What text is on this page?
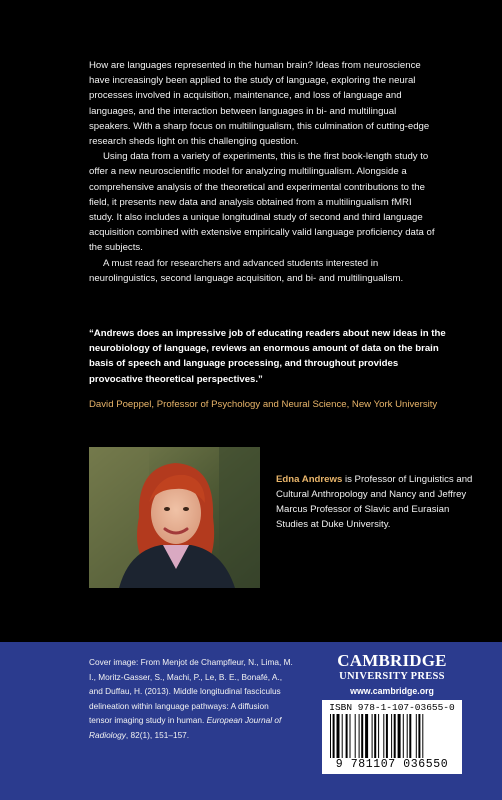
How are languages represented in the human brain? Ideas from neuroscience have increasingly been applied to the study of language, exploring the neural processes involved in acquisition, maintenance, and loss of language and languages, and the interaction between languages in bi- and multilingual speakers. With a sharp focus on multilingualism, this culmination of cutting-edge research sheds light on this challenging question.

Using data from a variety of experiments, this is the first book-length study to offer a new neuroscientific model for analyzing multilingualism. Alongside a comprehensive analysis of the theoretical and experimental contributions to the field, it presents new data and analysis obtained from a multilingualism fMRI study. It also includes a unique longitudinal study of second and third language acquisition combined with extensive empirically valid language proficiency data of the subjects.

A must read for researchers and advanced students interested in neurolinguistics, second language acquisition, and bi- and multilingualism.

“Andrews does an impressive job of educating readers about new ideas in the neurobiology of language, reviews an enormous amount of data on the brain basis of speech and language processing, and throughout provides provocative theoretical perspectives.”
David Poeppel, Professor of Psychology and Neural Science, New York University
Edna Andrews is Professor of Linguistics and Cultural Anthropology and Nancy and Jeffrey Marcus Professor of Slavic and Eurasian Studies at Duke University.
Cover image: From Menjot de Champfleur, N., Lima, M. I., Moritz-Gasser, S., Machi, P., Le, B. E., Bonafé, A., and Duffau, H. (2013). Middle longitudinal fasciculus delineation within language pathways: A diffusion tensor imaging study in human. European Journal of Radiology, 82(1), 151–157.
CAMBRIDGE
UNIVERSITY PRESS
www.cambridge.org
ISBN 978-1-107-03655-0
9 781107 036550
